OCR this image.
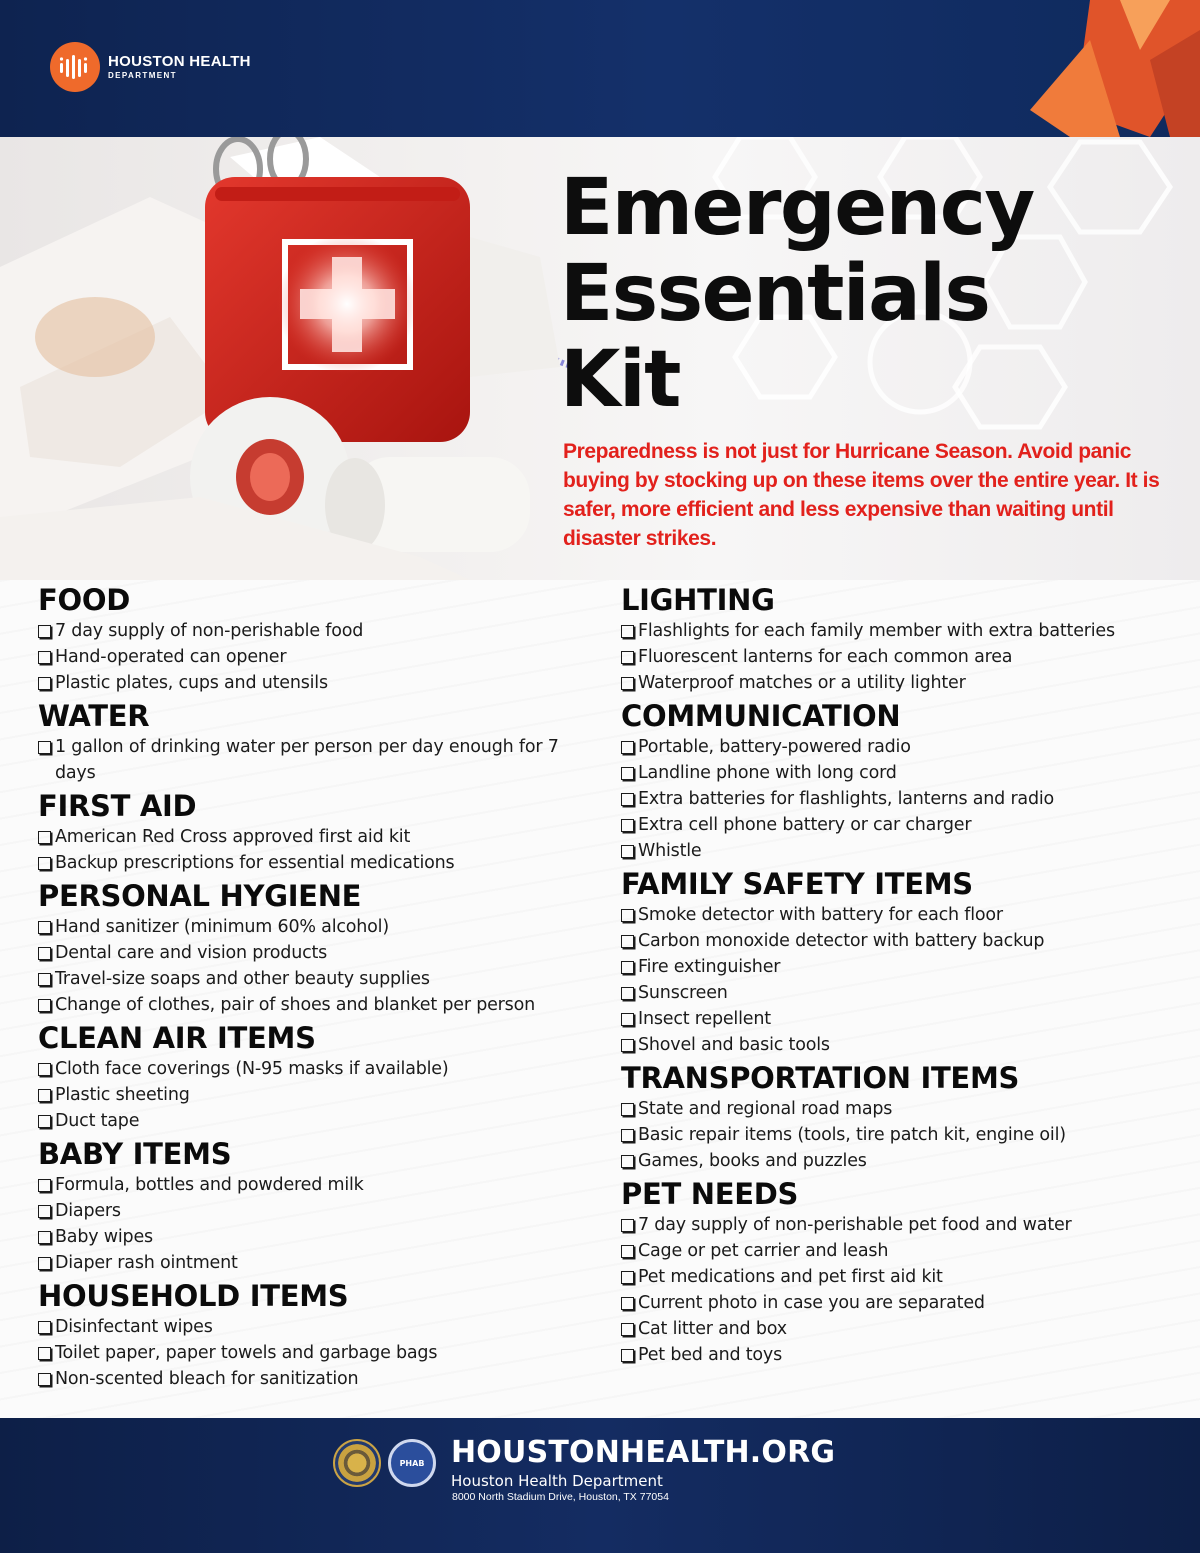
HOUSTON HEALTH
DEPARTMENT
Emergency
Essentials
Kit
Preparedness is not just for Hurricane Season. Avoid panic buying by stocking up on these items over the entire year. It is safer, more efficient and less expensive than waiting until disaster strikes.
FOOD
7 day supply of non-perishable food
Hand-operated can opener
Plastic plates, cups and utensils
WATER
1 gallon of drinking water per person per day enough for 7 days
FIRST AID
American Red Cross approved first aid kit
Backup prescriptions for essential medications
PERSONAL HYGIENE
Hand sanitizer (minimum 60% alcohol)
Dental care and vision products
Travel-size soaps and other beauty supplies
Change of clothes, pair of shoes and blanket per person
CLEAN AIR ITEMS
Cloth face coverings (N-95 masks if available)
Plastic sheeting
Duct tape
BABY ITEMS
Formula, bottles and powdered milk
Diapers
Baby wipes
Diaper rash ointment
HOUSEHOLD ITEMS
Disinfectant wipes
Toilet paper, paper towels and garbage bags
Non-scented bleach for sanitization
LIGHTING
Flashlights for each family member with extra batteries
Fluorescent lanterns for each common area
Waterproof matches or a utility lighter
COMMUNICATION
Portable, battery-powered radio
Landline phone with long cord
Extra batteries for flashlights, lanterns and radio
Extra cell phone battery or car charger
Whistle
FAMILY SAFETY ITEMS
Smoke detector with battery for each floor
Carbon monoxide detector with battery backup
Fire extinguisher
Sunscreen
Insect repellent
Shovel and basic tools
TRANSPORTATION ITEMS
State and regional road maps
Basic repair items (tools, tire patch kit, engine oil)
Games, books and puzzles
PET NEEDS
7 day supply of non-perishable pet food and water
Cage or pet carrier and leash
Pet medications and pet first aid kit
Current photo in case you are separated
Cat litter and box
Pet bed and toys
PHAB HOUSTONHEALTH.ORG
Houston Health Department
8000 North Stadium Drive, Houston, TX 77054
